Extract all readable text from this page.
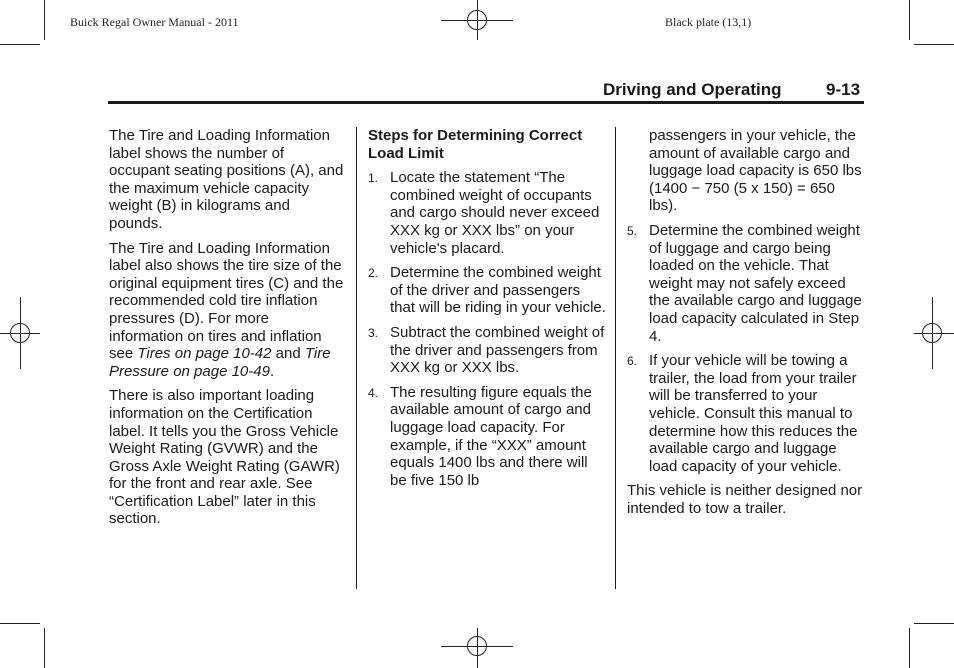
Buick Regal Owner Manual - 2011	Black plate (13,1)
Driving and Operating	9-13

The Tire and Loading Information label shows the number of occupant seating positions (A), and the maximum vehicle capacity weight (B) in kilograms and pounds.

The Tire and Loading Information label also shows the tire size of the original equipment tires (C) and the recommended cold tire inflation pressures (D). For more information on tires and inflation see Tires on page 10-42 and Tire Pressure on page 10-49.

There is also important loading information on the Certification label. It tells you the Gross Vehicle Weight Rating (GVWR) and the Gross Axle Weight Rating (GAWR) for the front and rear axle. See “Certification Label” later in this section.

Steps for Determining Correct Load Limit
1. Locate the statement “The combined weight of occupants and cargo should never exceed XXX kg or XXX lbs” on your vehicle's placard.
2. Determine the combined weight of the driver and passengers that will be riding in your vehicle.
3. Subtract the combined weight of the driver and passengers from XXX kg or XXX lbs.
4. The resulting figure equals the available amount of cargo and luggage load capacity. For example, if the “XXX” amount equals 1400 lbs and there will be five 150 lb
passengers in your vehicle, the amount of available cargo and luggage load capacity is 650 lbs (1400 − 750 (5 x 150) = 650 lbs).
5. Determine the combined weight of luggage and cargo being loaded on the vehicle. That weight may not safely exceed the available cargo and luggage load capacity calculated in Step 4.
6. If your vehicle will be towing a trailer, the load from your trailer will be transferred to your vehicle. Consult this manual to determine how this reduces the available cargo and luggage load capacity of your vehicle.

This vehicle is neither designed nor intended to tow a trailer.
